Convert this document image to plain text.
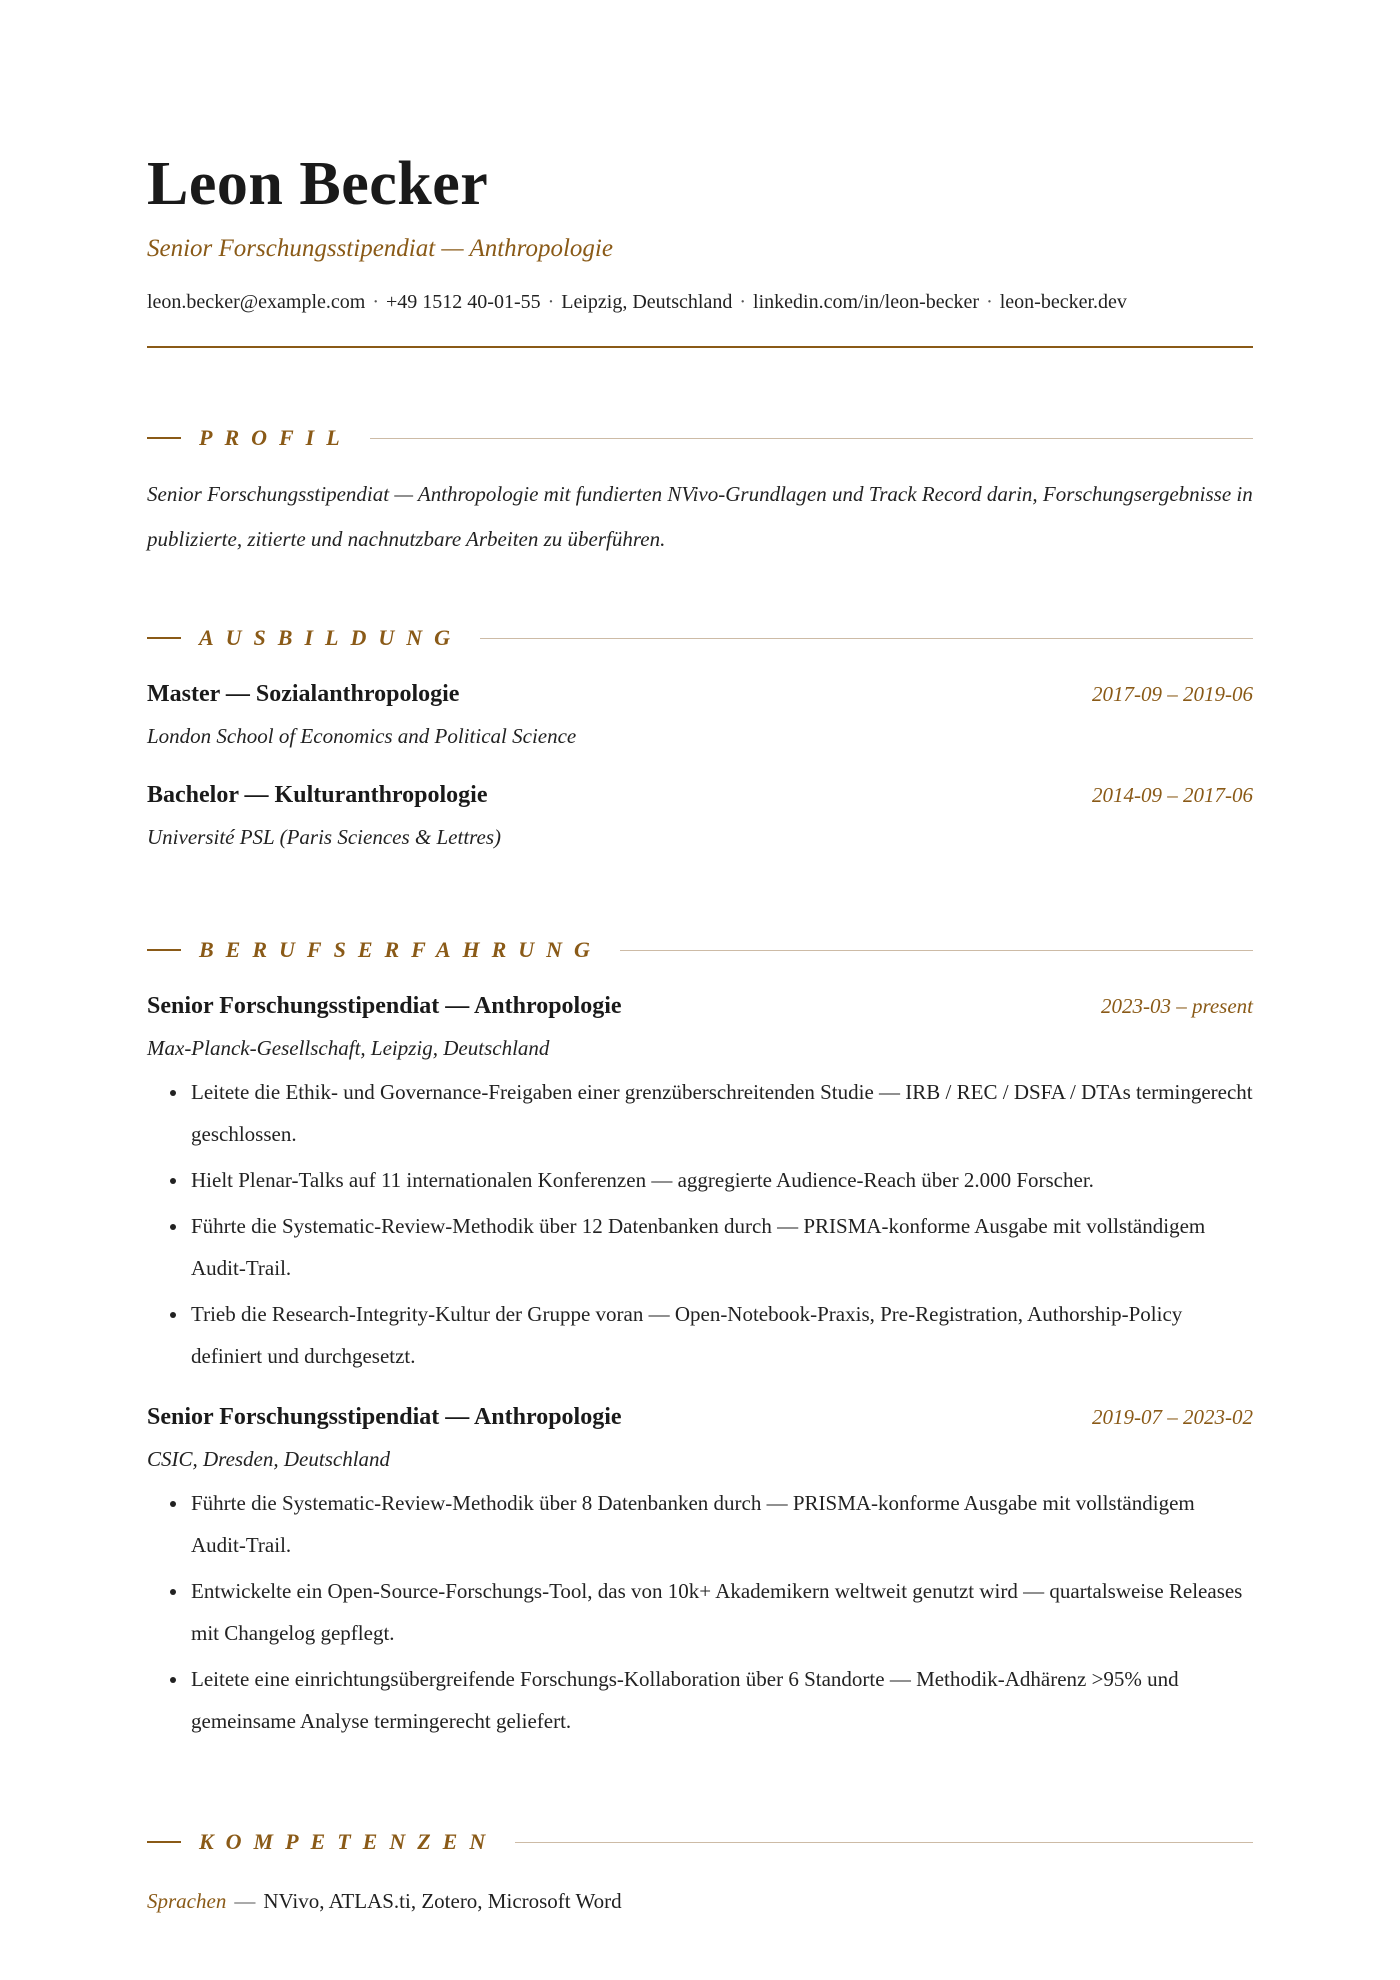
Leon Becker
Senior Forschungsstipendiat — Anthropologie
leon.becker@example.com · +49 1512 40-01-55 · Leipzig, Deutschland · linkedin.com/in/leon-becker · leon-becker.dev
PROFIL
Senior Forschungsstipendiat — Anthropologie mit fundierten NVivo-Grundlagen und Track Record darin, Forschungsergebnisse in publizierte, zitierte und nachnutzbare Arbeiten zu überführen.
AUSBILDUNG
Master — Sozialanthropologie	2017-09 – 2019-06
London School of Economics and Political Science
Bachelor — Kulturanthropologie	2014-09 – 2017-06
Université PSL (Paris Sciences & Lettres)
BERUFSERFAHRUNG
Senior Forschungsstipendiat — Anthropologie	2023-03 – present
Max-Planck-Gesellschaft, Leipzig, Deutschland
• Leitete die Ethik- und Governance-Freigaben einer grenzüberschreitenden Studie — IRB / REC / DSFA / DTAs termingerecht geschlossen.
• Hielt Plenar-Talks auf 11 internationalen Konferenzen — aggregierte Audience-Reach über 2.000 Forscher.
• Führte die Systematic-Review-Methodik über 12 Datenbanken durch — PRISMA-konforme Ausgabe mit vollständigem Audit-Trail.
• Trieb die Research-Integrity-Kultur der Gruppe voran — Open-Notebook-Praxis, Pre-Registration, Authorship-Policy definiert und durchgesetzt.
Senior Forschungsstipendiat — Anthropologie	2019-07 – 2023-02
CSIC, Dresden, Deutschland
• Führte die Systematic-Review-Methodik über 8 Datenbanken durch — PRISMA-konforme Ausgabe mit vollständigem Audit-Trail.
• Entwickelte ein Open-Source-Forschungs-Tool, das von 10k+ Akademikern weltweit genutzt wird — quartalsweise Releases mit Changelog gepflegt.
• Leitete eine einrichtungsübergreifende Forschungs-Kollaboration über 6 Standorte — Methodik-Adhärenz >95% und gemeinsame Analyse termingerecht geliefert.
KOMPETENZEN
Sprachen — NVivo, ATLAS.ti, Zotero, Microsoft Word
